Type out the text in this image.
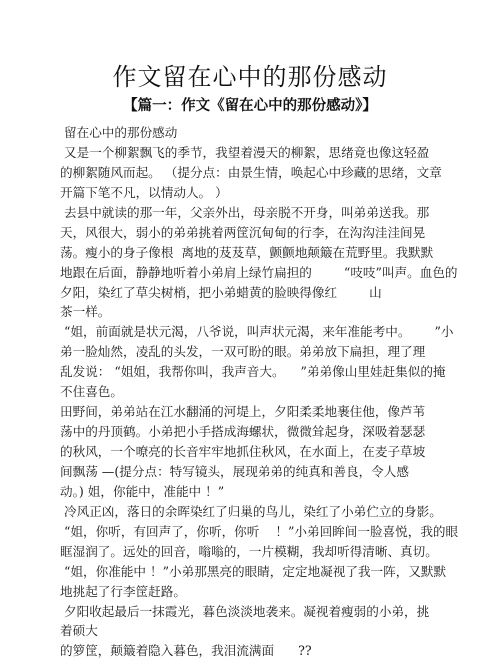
作文留在心中的那份感动
【篇一：作文《留在心中的那份感动》】
留在心中的那份感动
又是一个柳絮飘飞的季节，我望着漫天的柳絮，思绪竟也像这轻盈
的柳絮随风而起。 （提分点：由景生情，唤起心中珍藏的思绪，文章
开篇下笔不凡，以情动人。 ）
去县中就读的那一年，父亲外出，母亲脱不开身，叫弟弟送我。那
天，风很大，弱小的弟弟挑着两筐沉甸甸的行李，在沟沟洼洼间晃
荡。瘦小的身子像根  离地的芨芨草，颤颤地颠簸在荒野里。我默默
地跟在后面，静静地听着小弟肩上绿竹扁担的        “吱吱”叫声。血色的
夕阳，染红了草尖树梢，把小弟蜡黄的脸映得像红        山
茶一样。
“姐，前面就是状元渴，八爷说，叫声状元渴，来年准能考中。      ”小
弟一脸灿然，凌乱的头发，一双可盼的眼。弟弟放下扁担，理了理
乱发说： “姐姐，我帮你叫，我声音大。    ”弟弟像山里娃赶集似的掩
不住喜色。
田野间，弟弟站在江水翻涌的河堤上，夕阳柔柔地裹住他，像芦苇
荡中的丹顶鹤。小弟把小手搭成海螺状，微微耸起身，深吸着瑟瑟
的秋风，一个嘹亮的长音牢牢地抓住秋风，在水面上，在麦子草坡
间飘荡 —(提分点：特写镜头，展现弟弟的纯真和善良，令人感
动。) 姐，你能中，准能中 ！”
冷风正凶，落日的余晖染红了归巢的鸟儿，染红了小弟伫立的身影。
“姐，你听，有回声了，你听，你听    ！”小弟回眸间一脸喜悦，我的眼
眶湿润了。远处的回音，嗡嗡的，一片模糊，我却听得清晰、真切。
“姐，你准能中 ！”小弟那黑亮的眼睛，定定地凝视了我一阵，又默默
地挑起了行李筐赶路。
夕阳收起最后一抹霞光，暮色淡淡地袭来。凝视着瘦弱的小弟，挑
着硕大
的箩筐，颠簸着隐入暮色，我泪流满面      ??
